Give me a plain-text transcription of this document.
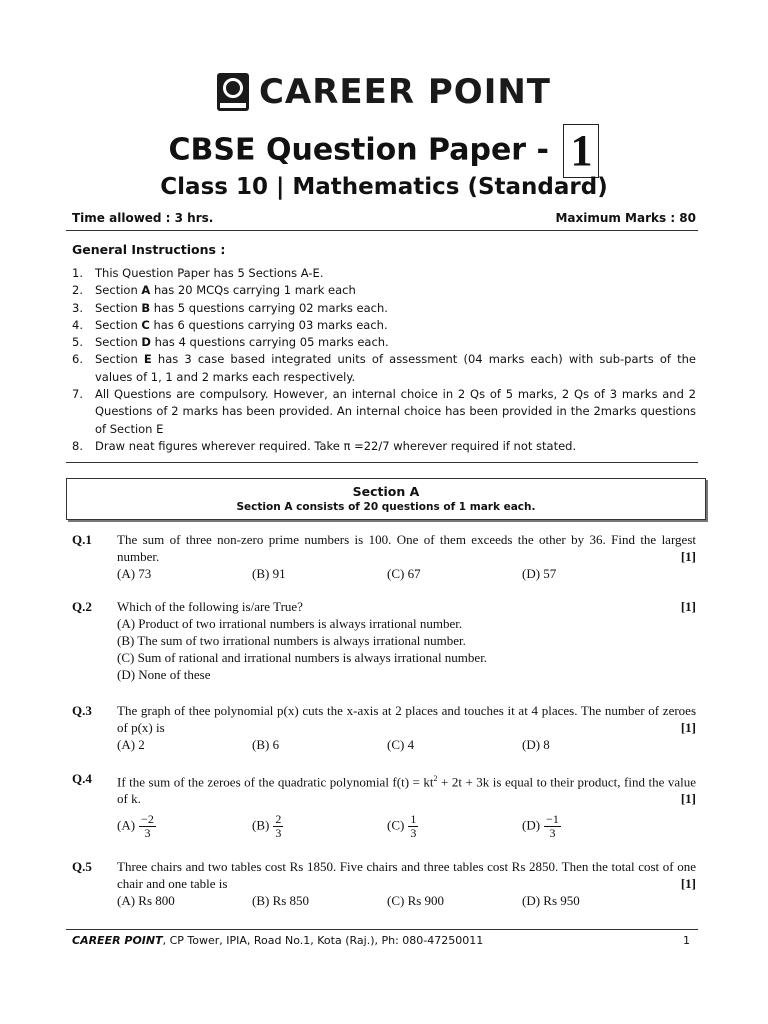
CAREER POINT
CBSE Question Paper - 1
Class 10 | Mathematics (Standard)
Time allowed : 3 hrs.	Maximum Marks : 80
General Instructions :
1.	This Question Paper has 5 Sections A-E.
2.	Section A has 20 MCQs carrying 1 mark each
3.	Section B has 5 questions carrying 02 marks each.
4.	Section C has 6 questions carrying 03 marks each.
5.	Section D has 4 questions carrying 05 marks each.
6.	Section E has 3 case based integrated units of assessment (04 marks each) with sub-parts of the values of 1, 1 and 2 marks each respectively.
7.	All Questions are compulsory. However, an internal choice in 2 Qs of 5 marks, 2 Qs of 3 marks and 2 Questions of 2 marks has been provided. An internal choice has been provided in the 2marks questions of Section E
8.	Draw neat figures wherever required. Take π =22/7 wherever required if not stated.
Section A
Section A consists of 20 questions of 1 mark each.
Q.1 The sum of three non-zero prime numbers is 100. One of them exceeds the other by 36. Find the largest number.	[1]
(A) 73	(B) 91	(C) 67	(D) 57
Q.2 Which of the following is/are True?	[1]
(A) Product of two irrational numbers is always irrational number.
(B) The sum of two irrational numbers is always irrational number.
(C) Sum of rational and irrational numbers is always irrational number.
(D) None of these
Q.3 The graph of thee polynomial p(x) cuts the x-axis at 2 places and touches it at 4 places. The number of zeroes of p(x) is	[1]
(A) 2	(B) 6	(C) 4	(D) 8
Q.4 If the sum of the zeroes of the quadratic polynomial $f(t) = kt^2 + 2t + 3k$ is equal to their product, find the value of k.	[1]
$(A) \frac{-2}{3}$	$(B) \frac{2}{3}$	$(C) \frac{1}{3}$	$(D) \frac{-1}{3}$
Q.5 Three chairs and two tables cost Rs 1850. Five chairs and three tables cost Rs 2850. Then the total cost of one chair and one table is	[1]
(A) Rs 800	(B) Rs 850	(C) Rs 900	(D) Rs 950
CAREER POINT, CP Tower, IPIA, Road No.1, Kota (Raj.), Ph: 080-47250011	1
